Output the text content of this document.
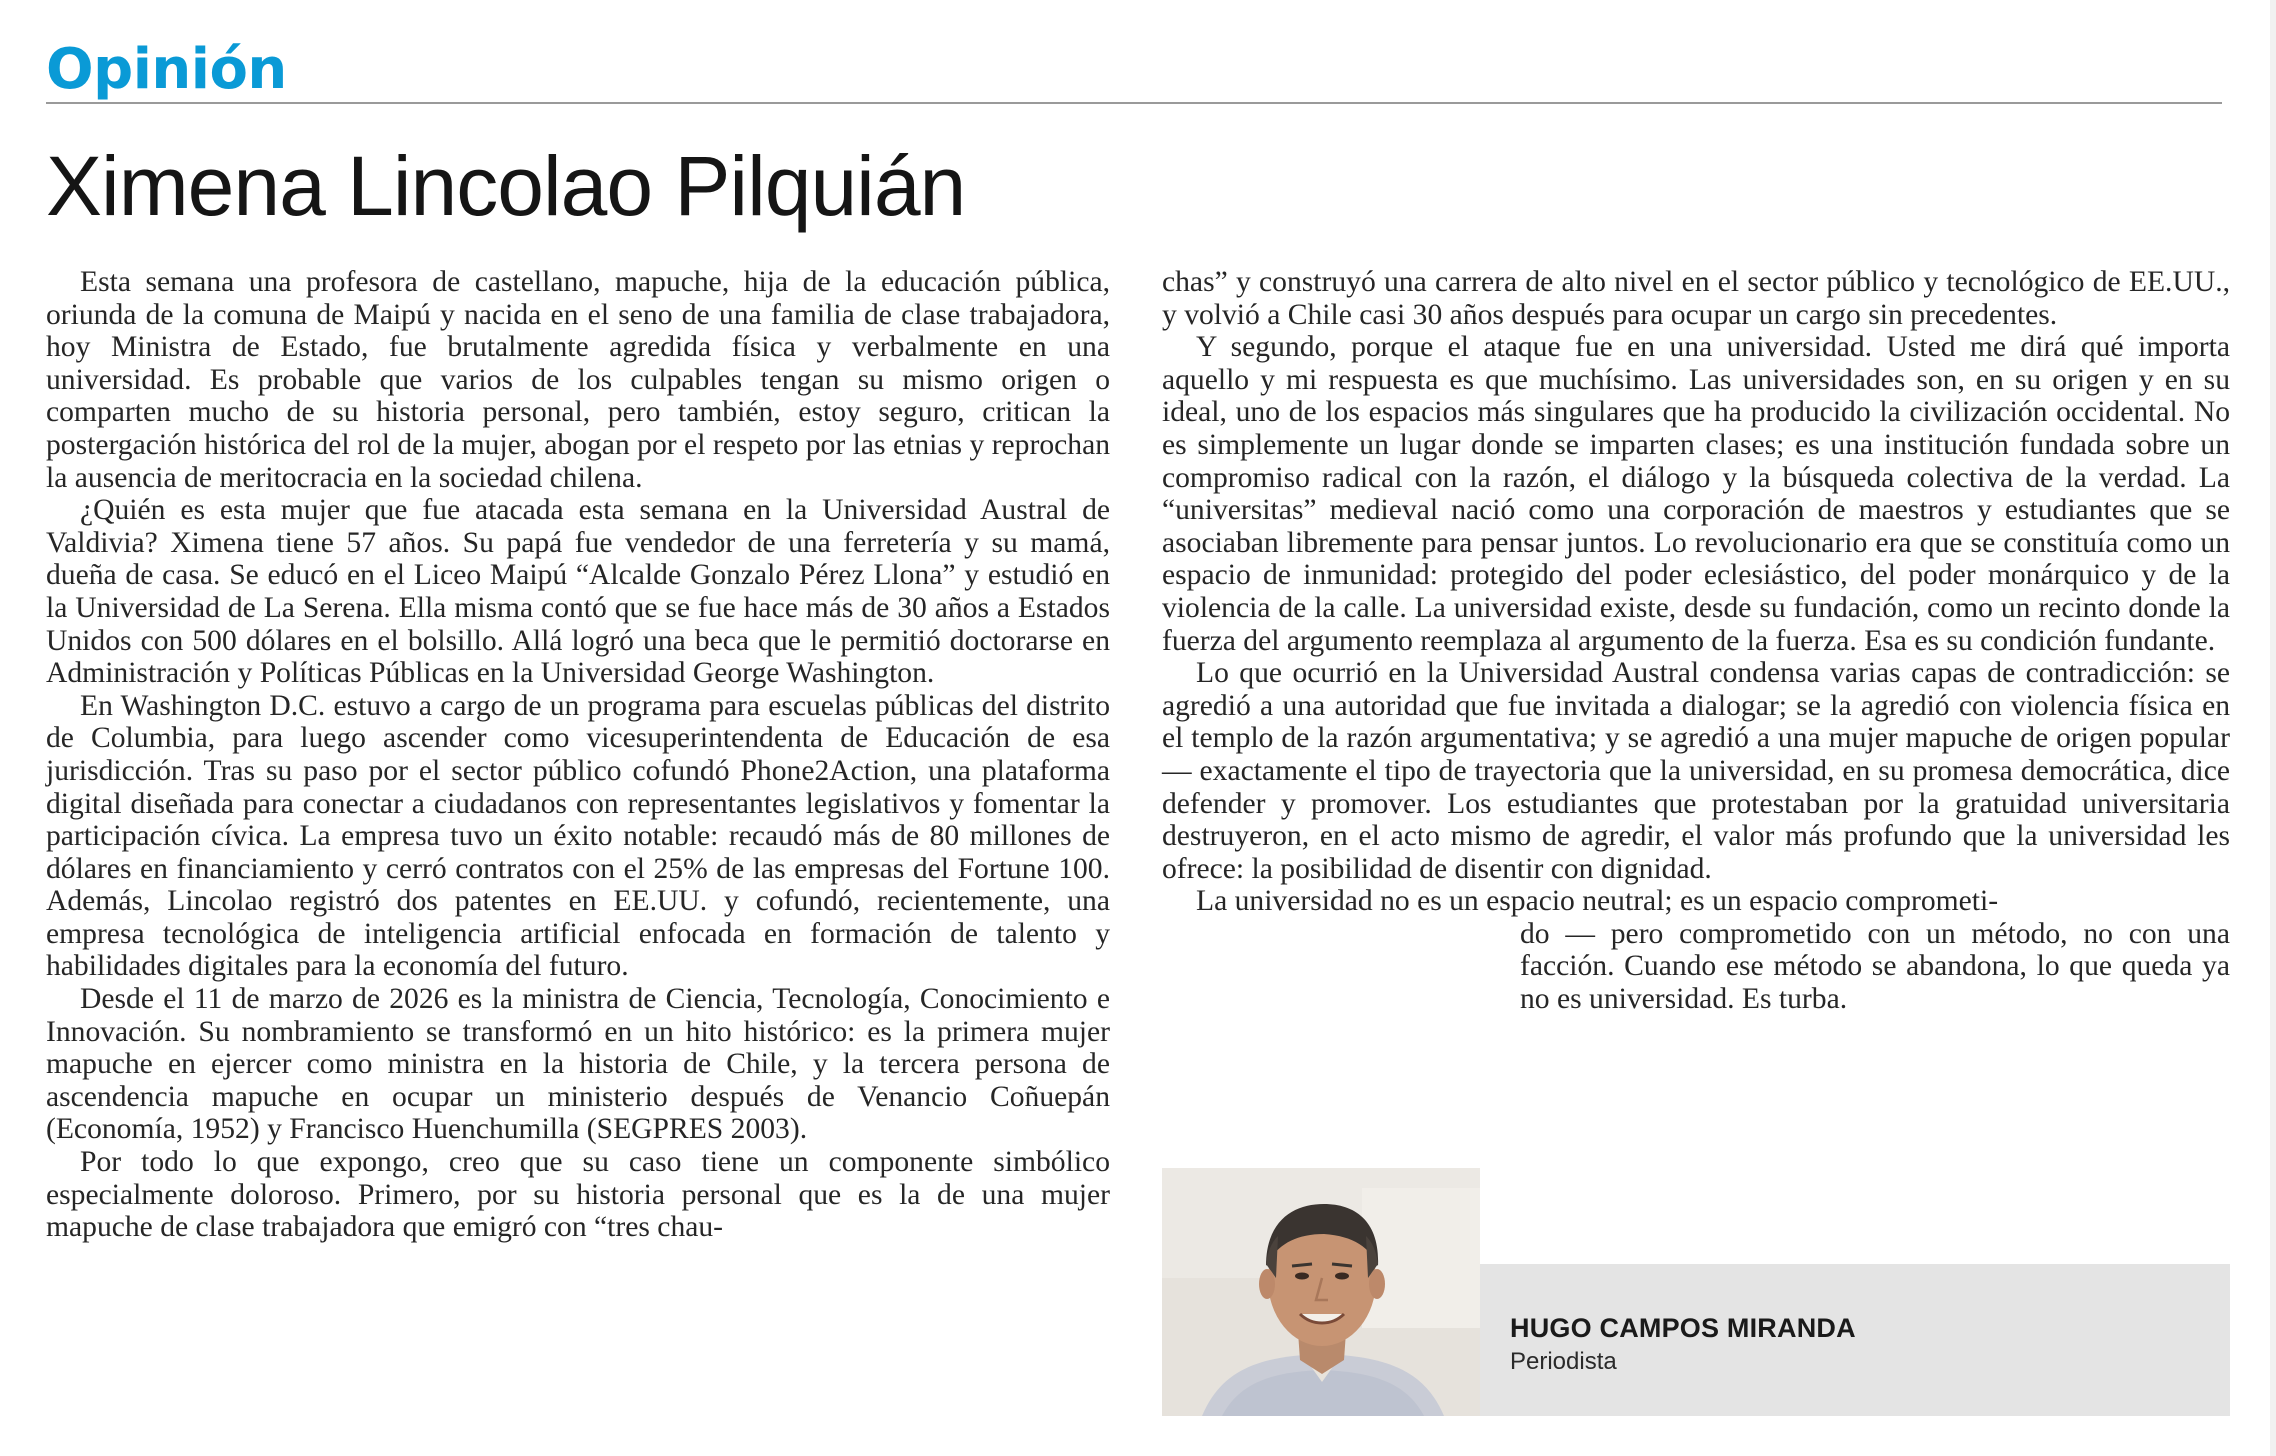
Opinión
Ximena Lincolao Pilquián

Esta semana una profesora de castellano, mapuche, hija de la educación pública, oriunda de la comuna de Maipú y nacida en el seno de una familia de clase trabajadora, hoy Ministra de Estado, fue brutalmente agredida física y verbalmente en una universidad. Es probable que varios de los culpables tengan su mismo origen o comparten mucho de su historia personal, pero también, estoy seguro, critican la postergación histórica del rol de la mujer, abogan por el respeto por las etnias y reprochan la ausencia de meritocracia en la sociedad chilena.

¿Quién es esta mujer que fue atacada esta semana en la Universidad Austral de Valdivia? Ximena tiene 57 años. Su papá fue vendedor de una ferretería y su mamá, dueña de casa. Se educó en el Liceo Maipú “Alcalde Gonzalo Pérez Llona” y estudió en la Universidad de La Serena. Ella misma contó que se fue hace más de 30 años a Estados Unidos con 500 dólares en el bolsillo. Allá logró una beca que le permitió doctorarse en Administración y Políticas Públicas en la Universidad George Washington.

En Washington D.C. estuvo a cargo de un programa para escuelas públicas del distrito de Columbia, para luego ascender como vicesuperintendenta de Educación de esa jurisdicción. Tras su paso por el sector público cofundó Phone2Action, una plataforma digital diseñada para conectar a ciudadanos con representantes legislativos y fomentar la participación cívica. La empresa tuvo un éxito notable: recaudó más de 80 millones de dólares en financiamiento y cerró contratos con el 25% de las empresas del Fortune 100. Además, Lincolao registró dos patentes en EE.UU. y cofundó, recientemente, una empresa tecnológica de inteligencia artificial enfocada en formación de talento y habilidades digitales para la economía del futuro.

Desde el 11 de marzo de 2026 es la ministra de Ciencia, Tecnología, Conocimiento e Innovación. Su nombramiento se transformó en un hito histórico: es la primera mujer mapuche en ejercer como ministra en la historia de Chile, y la tercera persona de ascendencia mapuche en ocupar un ministerio después de Venancio Coñuepán (Economía, 1952) y Francisco Huenchumilla (SEGPRES 2003).

Por todo lo que expongo, creo que su caso tiene un componente simbólico especialmente doloroso. Primero, por su historia personal que es la de una mujer mapuche de clase trabajadora que emigró con “tres chau-

chas” y construyó una carrera de alto nivel en el sector público y tecnológico de EE.UU., y volvió a Chile casi 30 años después para ocupar un cargo sin precedentes.

Y segundo, porque el ataque fue en una universidad. Usted me dirá qué importa aquello y mi respuesta es que muchísimo. Las universidades son, en su origen y en su ideal, uno de los espacios más singulares que ha producido la civilización occidental. No es simplemente un lugar donde se imparten clases; es una institución fundada sobre un compromiso radical con la razón, el diálogo y la búsqueda colectiva de la verdad. La “universitas” medieval nació como una corporación de maestros y estudiantes que se asociaban libremente para pensar juntos. Lo revolucionario era que se constituía como un espacio de inmunidad: protegido del poder eclesiástico, del poder monárquico y de la violencia de la calle. La universidad existe, desde su fundación, como un recinto donde la fuerza del argumento reemplaza al argumento de la fuerza. Esa es su condición fundante.

Lo que ocurrió en la Universidad Austral condensa varias capas de contradicción: se agredió a una autoridad que fue invitada a dialogar; se la agredió con violencia física en el templo de la razón argumentativa; y se agredió a una mujer mapuche de origen popular — exactamente el tipo de trayectoria que la universidad, en su promesa democrática, dice defender y promover. Los estudiantes que protestaban por la gratuidad universitaria destruyeron, en el acto mismo de agredir, el valor más profundo que la universidad les ofrece: la posibilidad de disentir con dignidad.

La universidad no es un espacio neutral; es un espacio comprometi-

do — pero comprometido con un método, no con una facción. Cuando ese método se abandona, lo que queda ya no es universidad. Es turba.

HUGO CAMPOS MIRANDA
Periodista
